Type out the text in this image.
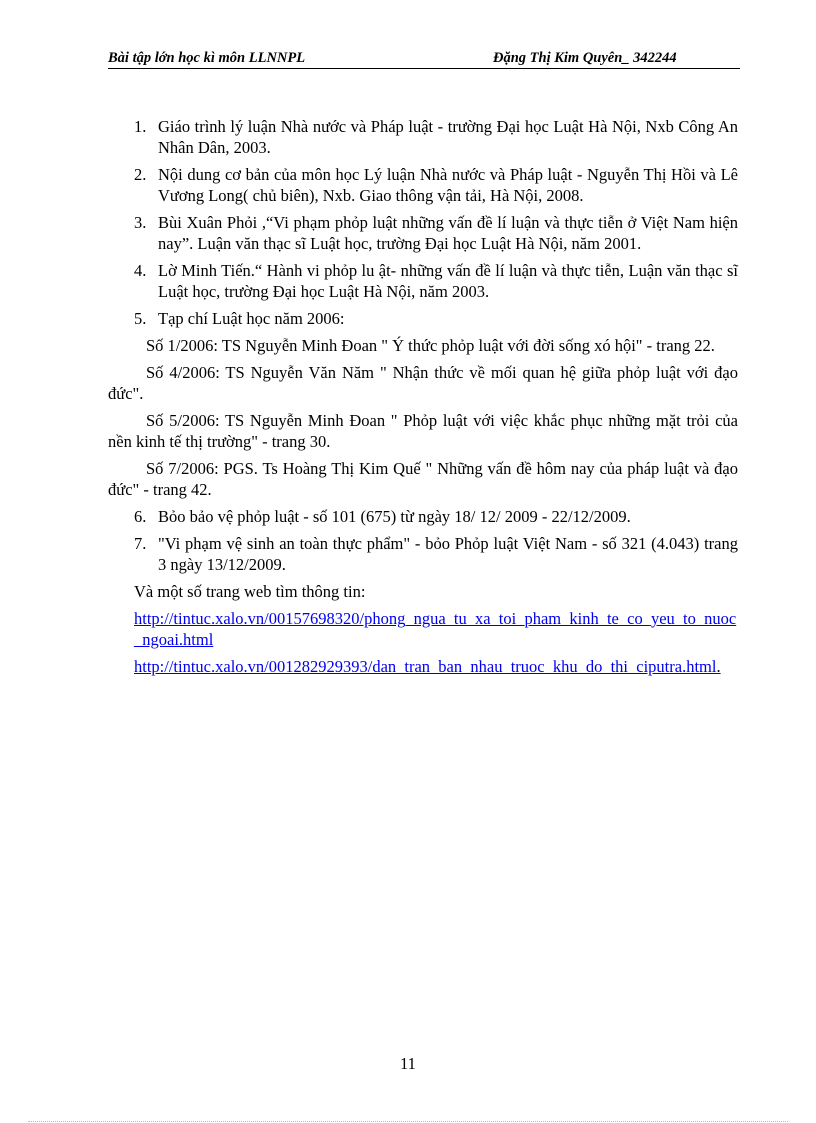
Bài tập lớn học kì môn LLNNPL	Đặng Thị Kim Quyên_ 342244
1. Giáo trình lý luận Nhà nước và Pháp luật - trường Đại học Luật Hà Nội, Nxb Công An Nhân Dân, 2003.
2. Nội dung cơ bản của môn học Lý luận Nhà nước và Pháp luật - Nguyễn Thị Hồi và Lê Vương Long( chủ biên), Nxb. Giao thông vận tải, Hà Nội, 2008.
3. Bùi Xuân Phỏi ,“Vi phạm phỏp luật những vấn đề lí luận và thực tiễn ở Việt Nam hiện nay”. Luận văn thạc sĩ Luật học, trường Đại học Luật Hà Nội, năm 2001.
4. Lờ Minh Tiến.“ Hành vi phỏp lu ật- những vấn đề lí luận và thực tiễn, Luận văn thạc sĩ Luật học, trường Đại học Luật Hà Nội, năm 2003.
5. Tạp chí Luật học năm 2006:
Số 1/2006: TS Nguyễn Minh Đoan " Ý thức phỏp luật với đời sống xó hội" - trang 22.
Số 4/2006: TS Nguyễn Văn Năm " Nhận thức về mối quan hệ giữa phỏp luật với đạo đức".
Số 5/2006: TS Nguyễn Minh Đoan " Phỏp luật với việc khắc phục những mặt trỏi của nền kinh tế thị trường" - trang 30.
Số 7/2006: PGS. Ts Hoàng Thị Kim Quế " Những vấn đề hôm nay của pháp luật và đạo đức" - trang 42.
6. Bỏo bảo vệ phỏp luật - số 101 (675) từ ngày 18/ 12/ 2009 - 22/12/2009.
7. "Vi phạm vệ sinh an toàn thực phẩm" - bỏo Phỏp luật Việt Nam - số 321 (4.043) trang 3 ngày 13/12/2009.
Và một số trang web tìm thông tin:
http://tintuc.xalo.vn/00157698320/phong_ngua_tu_xa_toi_pham_kinh_te_co_yeu_to_nuoc_ngoai.html
http://tintuc.xalo.vn/001282929393/dan_tran_ban_nhau_truoc_khu_do_thi_ciputra.html.
11
